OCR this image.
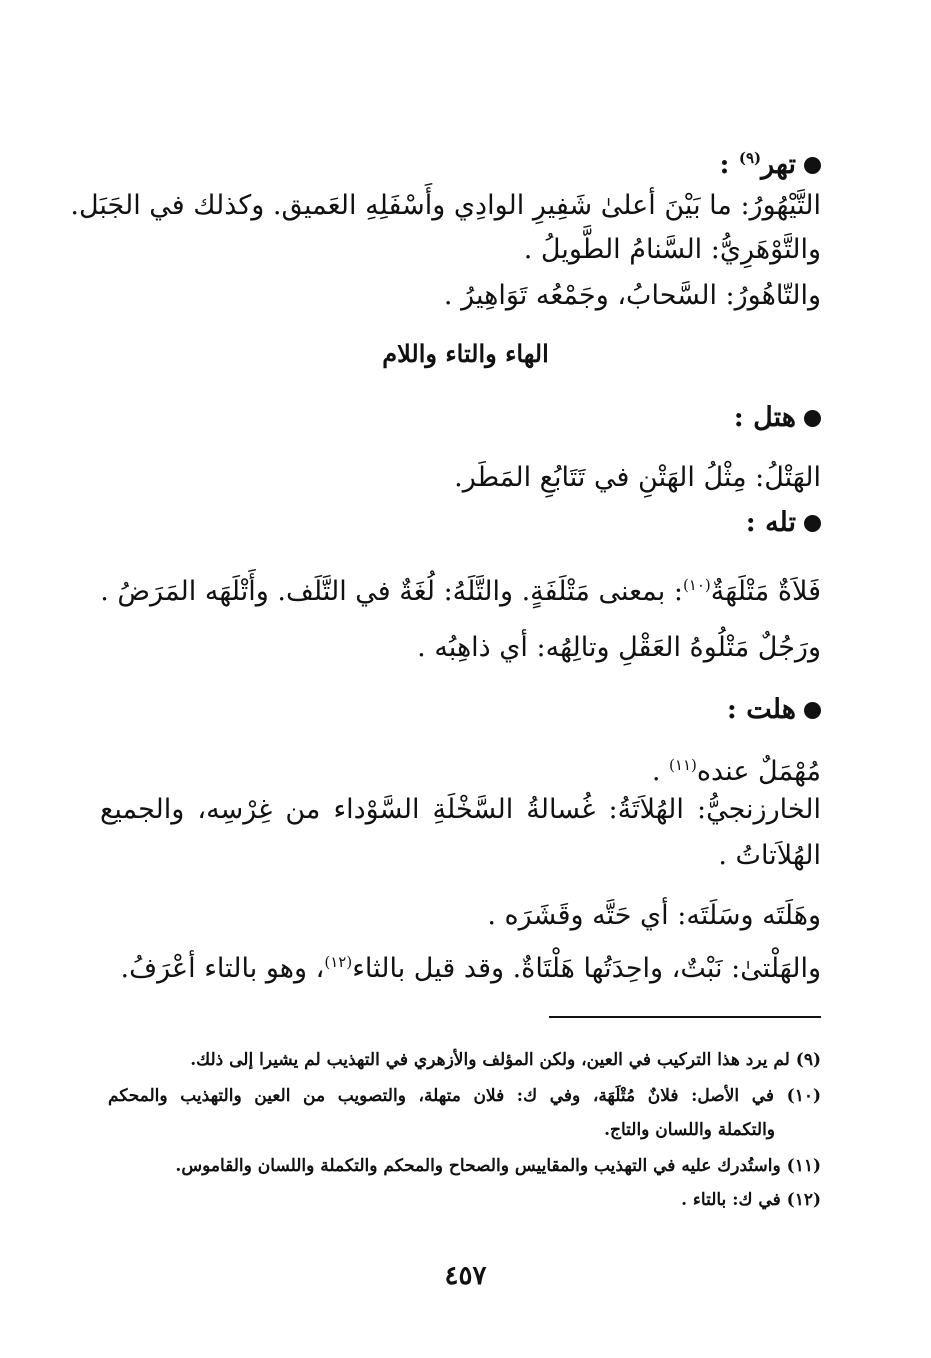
تهر$^{(٩)}$ :
التَّيْهُورُ: ما بَيْنَ أعلىٰ شَفِيرِ الوادِي وأَسْفَلِهِ العَميق. وكذلك في الجَبَل.
والتَّوْهَرِيُّ: السَّنامُ الطَّويلُ .
والتّاهُورُ: السَّحابُ، وجَمْعُه تَوَاهِيرُ .
الهاء والتاء واللام
هتل :
الهَتْلُ: مِثْلُ الهَتْنِ في تَتَابُعِ المَطَر.
تله :
فَلاَةٌ مَتْلَهَةٌ$^{(١٠)}$: بمعنى مَتْلَفَةٍ. والتَّلَهُ: لُغَةٌ في التَّلَف. وأَتْلَهَه المَرَضُ .
ورَجُلٌ مَتْلُوهُ العَقْلِ وتالِهُه: أي ذاهِبُه .
هلت :
مُهْمَلٌ عنده$^{(١١)}$ .
الخارزنجيُّ: الهُلاَتَةُ: غُسالةُ السَّخْلَةِ السَّوْداء من غِرْسِه، والجميع
الهُلاَتاتُ .
وهَلَتَه وسَلَتَه: أي حَتَّه وقَشَرَه .
والهَلْتىٰ: نَبْتٌ، واحِدَتُها هَلْتَاةٌ. وقد قيل بالثاء$^{(١٢)}$، وهو بالتاء أعْرَفُ.
(٩) لم يرد هذا التركيب في العين، ولكن المؤلف والأزهري في التهذيب لم يشيرا إلى ذلك.
(١٠) في الأصل: فلانٌ مُتْلَهَة، وفي ك: فلان متهلة، والتصويب من العين والتهذيب والمحكم
والتكملة واللسان والتاج.
(١١) واستُدرك عليه في التهذيب والمقاييس والصحاح والمحكم والتكملة واللسان والقاموس.
(١٢) في ك: بالتاء .
٤٥٧
